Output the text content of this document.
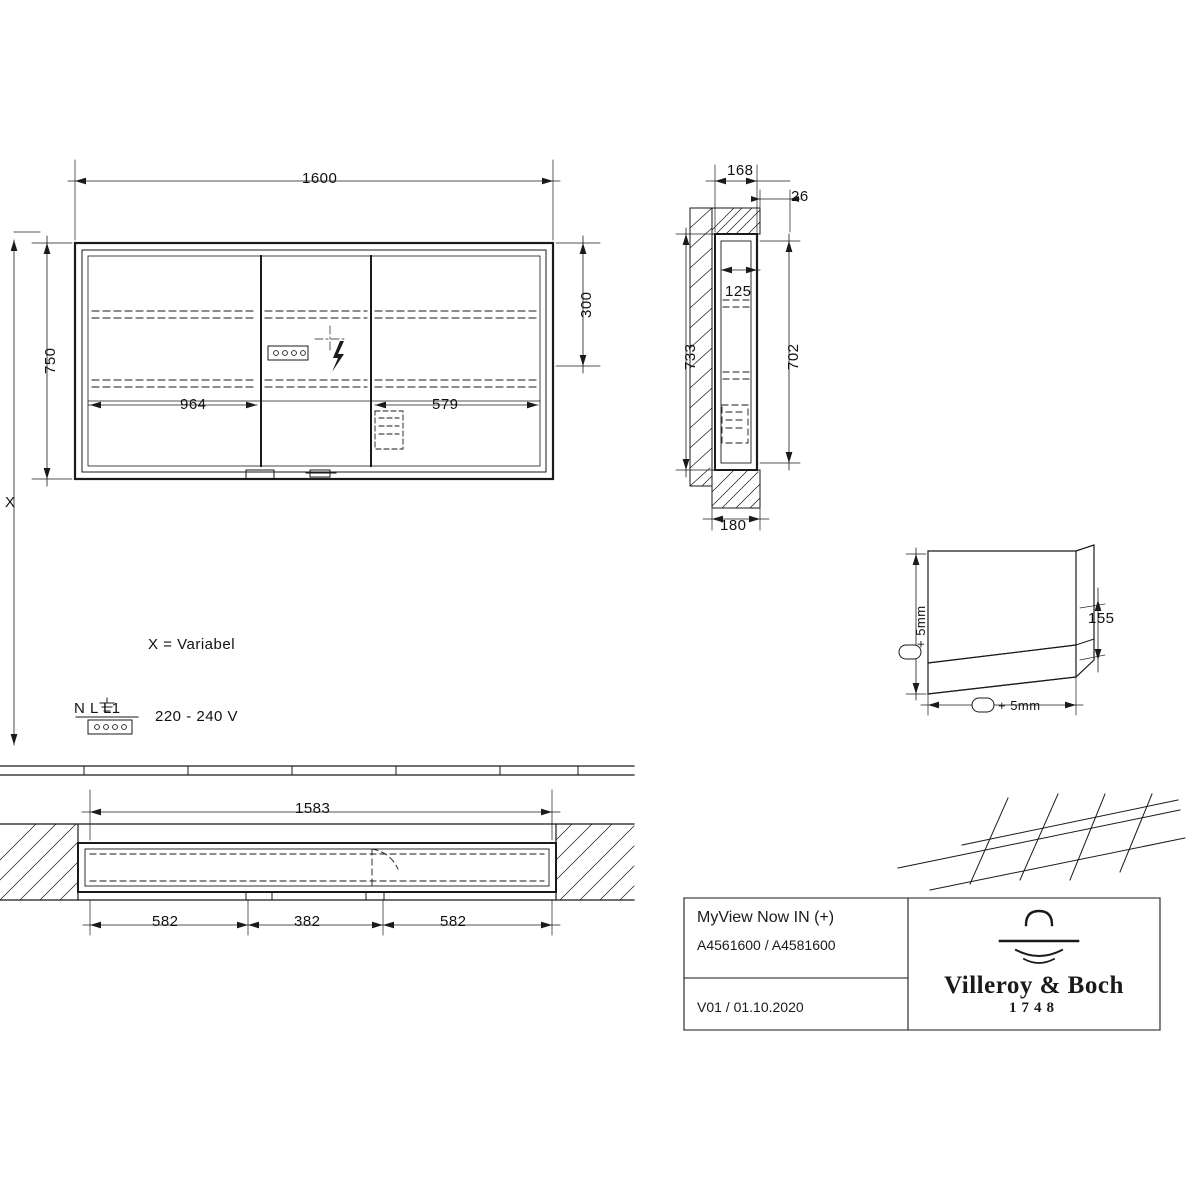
1600
750
300
964	579
X
168
26
125
733	702
180
155
+ 5mm
+ 5mm
X = Variabel
N L L1 220 - 240 V
1583
582	382	582	MyView Now IN (+)
A4561600 / A4581600
V01 / 01.10.2020
Villeroy & Boch
1748
